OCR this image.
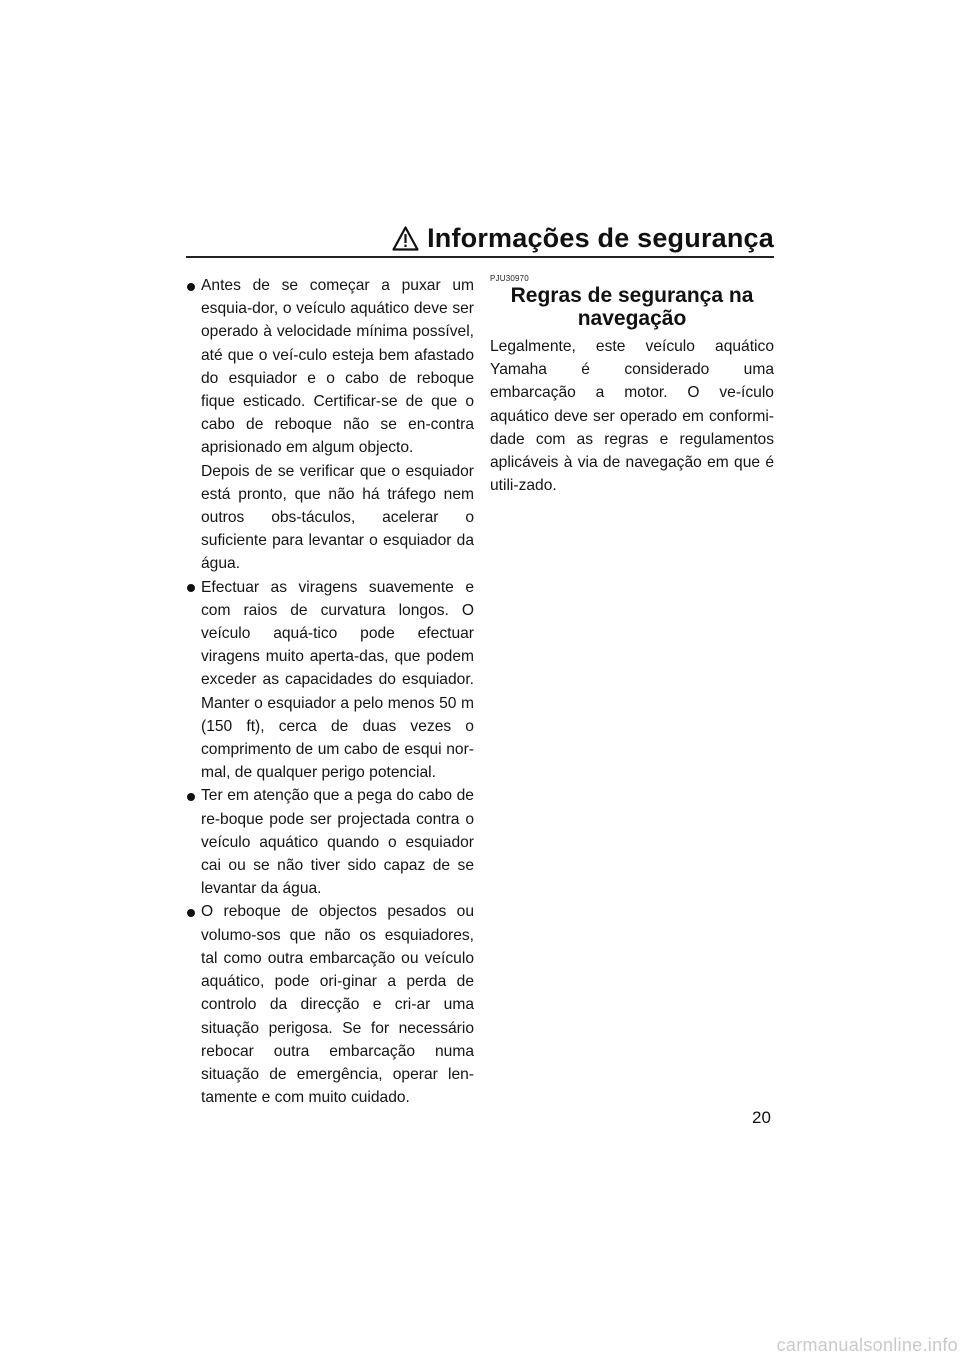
Informações de segurança

Antes de se começar a puxar um esquia-dor, o veículo aquático deve ser operado à velocidade mínima possível, até que o veí-culo esteja bem afastado do esquiador e o cabo de reboque fique esticado. Certificar-se de que o cabo de reboque não se en-contra aprisionado em algum objecto.

Depois de se verificar que o esquiador está pronto, que não há tráfego nem outros obs-táculos, acelerar o suficiente para levantar o esquiador da água.

Efectuar as viragens suavemente e com raios de curvatura longos. O veículo aquá-tico pode efectuar viragens muito aperta-das, que podem exceder as capacidades do esquiador. Manter o esquiador a pelo menos 50 m (150 ft), cerca de duas vezes o comprimento de um cabo de esqui nor-mal, de qualquer perigo potencial.

Ter em atenção que a pega do cabo de re-boque pode ser projectada contra o veículo aquático quando o esquiador cai ou se não tiver sido capaz de se levantar da água.

O reboque de objectos pesados ou volumo-sos que não os esquiadores, tal como outra embarcação ou veículo aquático, pode ori-ginar a perda de controlo da direcção e cri-ar uma situação perigosa. Se for necessário rebocar outra embarcação numa situação de emergência, operar len-tamente e com muito cuidado.

PJU30970
Regras de segurança na
navegação

Legalmente, este veículo aquático Yamaha é considerado uma embarcação a motor. O ve-ículo aquático deve ser operado em conformi-dade com as regras e regulamentos aplicáveis à via de navegação em que é utili-zado.

20
carmanualsonline.info
